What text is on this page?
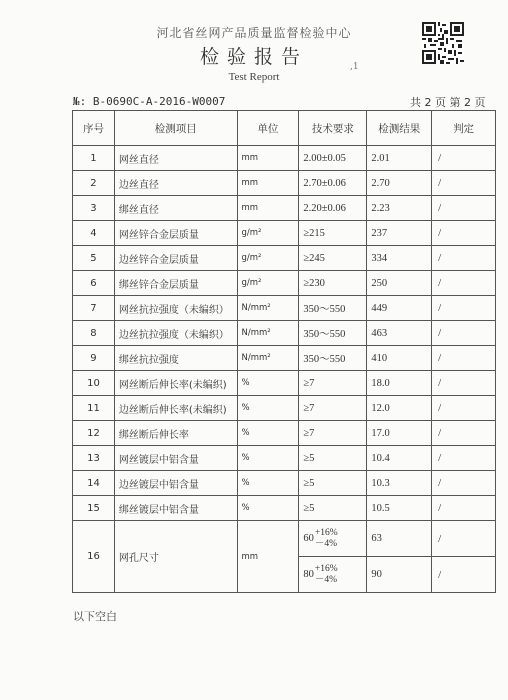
河北省丝网产品质量监督检验中心
检验报告
Test Report
,1
№: B-0690C-A-2016-W0007	共 2 页 第 2 页
序号	检测项目	单位	技术要求	检测结果	判定
1	网丝直径	mm	2.00±0.05	2.01	/
2	边丝直径	mm	2.70±0.06	2.70	/
3	绑丝直径	mm	2.20±0.06	2.23	/
4	网丝锌合金层质量	g/m²	≥215	237	/
5	边丝锌合金层质量	g/m²	≥245	334	/
6	绑丝锌合金层质量	g/m²	≥230	250	/
7	网丝抗拉强度（未编织）	N/mm²	350～550	449	/
8	边丝抗拉强度（未编织）	N/mm²	350～550	463	/
9	绑丝抗拉强度	N/mm²	350～550	410	/
10	网丝断后伸长率(未编织)	%	≥7	18.0	/
11	边丝断后伸长率(未编织)	%	≥7	12.0	/
12	绑丝断后伸长率	%	≥7	17.0	/
13	网丝镀层中铝含量	%	≥5	10.4	/
14	边丝镀层中铝含量	%	≥5	10.3	/
15	绑丝镀层中铝含量	%	≥5	10.5	/
16	网孔尺寸	mm	60
+16%
－4%	63	/

			80
+16%
－4%	90	/
以下空白
